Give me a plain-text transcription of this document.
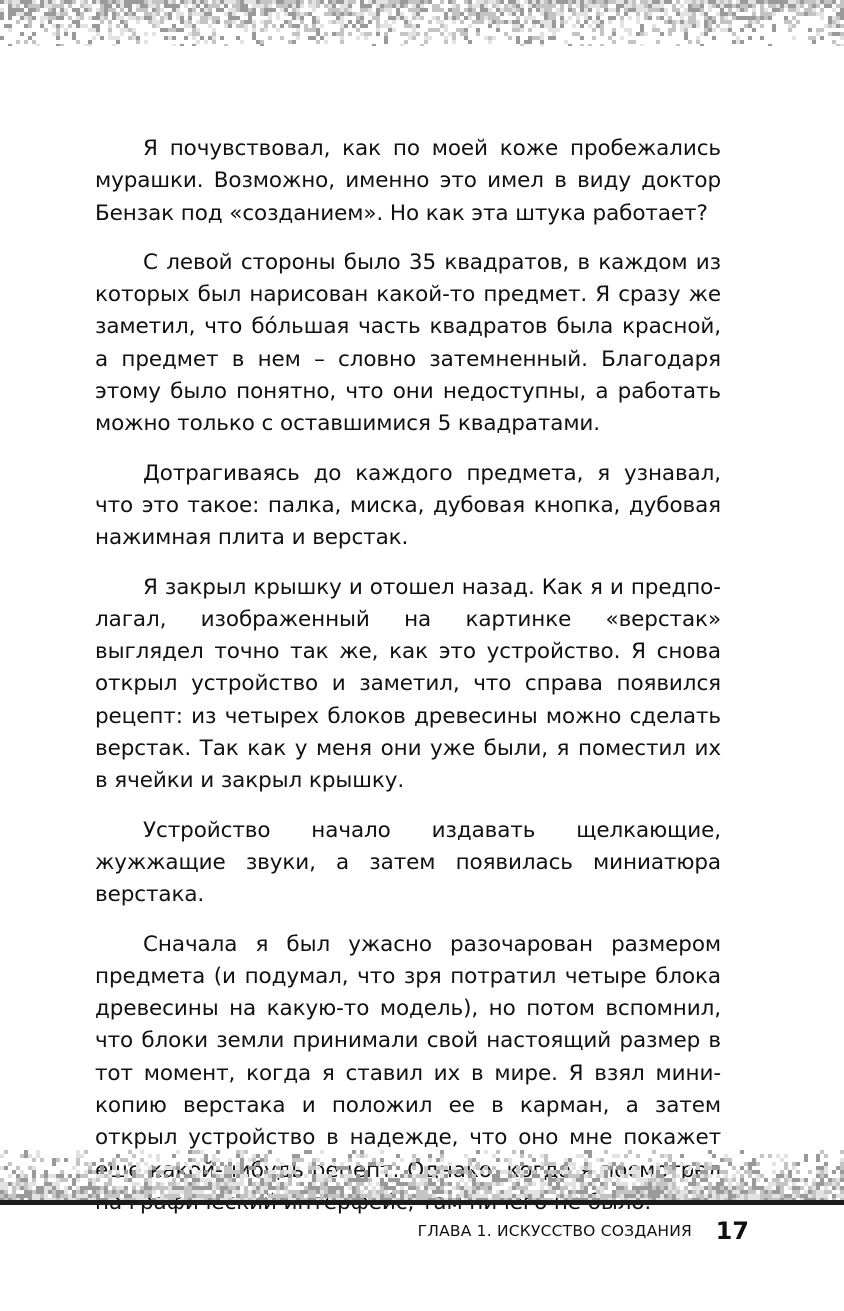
Я почувствовал, как по моей коже пробежались мурашки. Возможно, именно это имел в виду доктор Бензак под «созданием». Но как эта штука работает?

С левой стороны было 35 квадратов, в каждом из которых был нарисован какой-то предмет. Я сразу же заметил, что бóльшая часть квадратов была красной, а предмет в нем – словно затемненный. Благодаря этому было понятно, что они недоступны, а работать можно только с оставшимися 5 квадратами.

Дотрагиваясь до каждого предмета, я узнавал, что это такое: палка, миска, дубовая кнопка, дубовая нажимная плита и верстак.

Я закрыл крышку и отошел назад. Как я и предполагал, изображенный на картинке «верстак» выглядел точно так же, как это устройство. Я снова открыл устройство и заметил, что справа появился рецепт: из четырех блоков древесины можно сделать верстак. Так как у меня они уже были, я поместил их в ячейки и закрыл крышку.

Устройство начало издавать щелкающие, жужжащие звуки, а затем появилась миниатюра верстака.

Сначала я был ужасно разочарован размером предмета (и подумал, что зря потратил четыре блока древесины на какую-то модель), но потом вспомнил, что блоки земли принимали свой настоящий размер в тот момент, когда я ставил их в мире. Я взял мини-копию верстака и положил ее в карман, а затем открыл устройство в надежде, что оно мне покажет рецепт. когда я посмотрел

ГЛАВА 1. ИСКУССТВО СОЗДАНИЯ 17
